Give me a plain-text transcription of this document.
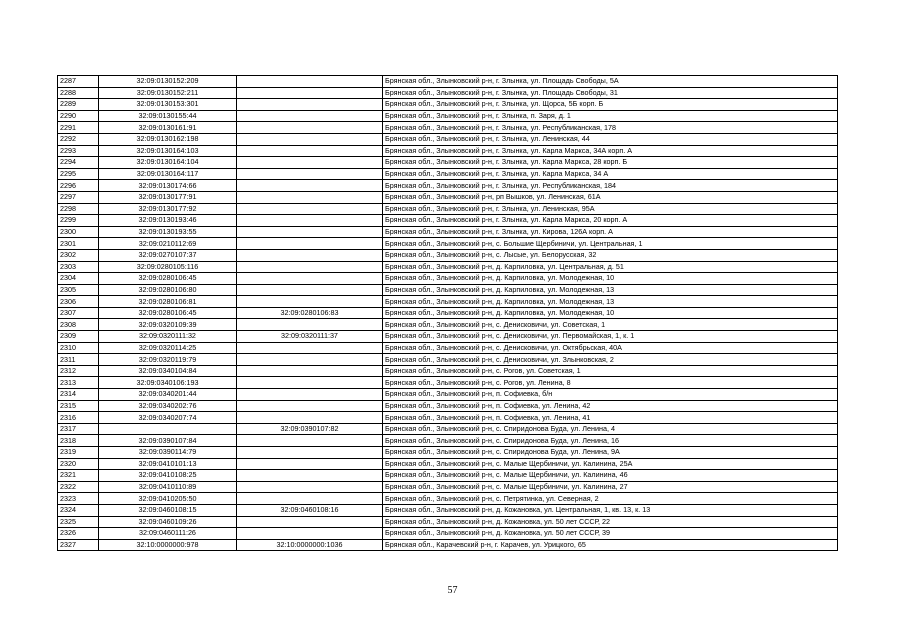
2287	32:09:0130152:209		Брянская обл., Злынковский р-н, г. Злынка, ул. Площадь Свободы, 5А
2288	32:09:0130152:211		Брянская обл., Злынковский р-н, г. Злынка, ул. Площадь Свободы, 31
2289	32:09:0130153:301		Брянская обл., Злынковский р-н, г. Злынка, ул. Щорса, 5Б корп. Б
2290	32:09:0130155:44		Брянская обл., Злынковский р-н, г. Злынка, п. Заря, д. 1
2291	32:09:0130161:91		Брянская обл., Злынковский р-н, г. Злынка, ул. Республиканская, 178
2292	32:09:0130162:198		Брянская обл., Злынковский р-н, г. Злынка, ул. Ленинская, 44
2293	32:09:0130164:103		Брянская обл., Злынковский р-н, г. Злынка, ул. Карла Маркса, 34А корп. А
2294	32:09:0130164:104		Брянская обл., Злынковский р-н, г. Злынка, ул. Карла Маркса, 28 корп. Б
2295	32:09:0130164:117		Брянская обл., Злынковский р-н, г. Злынка, ул. Карла Маркса, 34 А
2296	32:09:0130174:66		Брянская обл., Злынковский р-н, г. Злынка, ул. Республиканская, 184
2297	32:09:0130177:91		Брянская обл., Злынковский р-н, рп Вышков, ул. Ленинская, 61А
2298	32:09:0130177:92		Брянская обл., Злынковский р-н, г. Злынка, ул. Ленинская, 95А
2299	32:09:0130193:46		Брянская обл., Злынковский р-н, г. Злынка, ул. Карла Маркса, 20 корп. А
2300	32:09:0130193:55		Брянская обл., Злынковский р-н, г. Злынка, ул. Кирова, 126А корп. А
2301	32:09:0210112:69		Брянская обл., Злынковский р-н, с. Большие Щербиничи, ул. Центральная, 1
2302	32:09:0270107:37		Брянская обл., Злынковский р-н, с. Лысые, ул. Белорусская, 32
2303	32:09:0280105:116		Брянская обл., Злынковский р-н, д. Карпиловка, ул. Центральная, д. 51
2304	32:09:0280106:45		Брянская обл., Злынковский р-н, д. Карпиловка, ул. Молодежная, 10
2305	32:09:0280106:80		Брянская обл., Злынковский р-н, д. Карпиловка, ул. Молодежная, 13
2306	32:09:0280106:81		Брянская обл., Злынковский р-н, д. Карпиловка, ул. Молодежная, 13
2307	32:09:0280106:45	32:09:0280106:83	Брянская обл., Злынковский р-н, д. Карпиловка, ул. Молодежная, 10
2308	32:09:0320109:39		Брянская обл., Злынковский р-н, с. Денисковичи, ул. Советская, 1
2309	32:09:0320111:32	32:09:0320111:37	Брянская обл., Злынковский р-н, с. Денисковичи, ул. Первомайская, 1, к. 1
2310	32:09:0320114:25		Брянская обл., Злынковский р-н, с. Денисковичи, ул. Октябрьская, 40А
2311	32:09:0320119:79		Брянская обл., Злынковский р-н, с. Денисковичи, ул. Злынковская, 2
2312	32:09:0340104:84		Брянская обл., Злынковский р-н, с. Рогов, ул. Советская, 1
2313	32:09:0340106:193		Брянская обл., Злынковский р-н, с. Рогов, ул. Ленина, 8
2314	32:09:0340201:44		Брянская обл., Злынковский р-н, п. Софиевка, б/н
2315	32:09:0340202:76		Брянская обл., Злынковский р-н, п. Софиевка, ул. Ленина, 42
2316	32:09:0340207:74		Брянская обл., Злынковский р-н, п. Софиевка, ул. Ленина, 41
2317		32:09:0390107:82	Брянская обл., Злынковский р-н, с. Спиридонова Буда, ул. Ленина, 4
2318	32:09:0390107:84		Брянская обл., Злынковский р-н, с. Спиридонова Буда, ул. Ленина, 16
2319	32:09:0390114:79		Брянская обл., Злынковский р-н, с. Спиридонова Буда, ул. Ленина, 9А
2320	32:09:0410101:13		Брянская обл., Злынковский р-н, с. Малые Щербиничи, ул. Калинина, 25А
2321	32:09:0410108:25		Брянская обл., Злынковский р-н, с. Малые Щербиничи, ул. Калинина, 46
2322	32:09:0410110:89		Брянская обл., Злынковский р-н, с. Малые Щербиничи, ул. Калинина, 27
2323	32:09:0410205:50		Брянская обл., Злынковский р-н, с. Петрятинка, ул. Северная, 2
2324	32:09:0460108:15	32:09:0460108:16	Брянская обл., Злынковский р-н, д. Кожановка, ул. Центральная, 1, кв. 13, к. 13
2325	32:09:0460109:26		Брянская обл., Злынковский р-н, д. Кожановка, ул. 50 лет СССР, 22
2326	32:09:0460111:26		Брянская обл., Злынковский р-н, д. Кожановка, ул. 50 лет СССР, 39
2327	32:10:0000000:978	32:10:0000000:1036	Брянская обл., Карачевский р-н, г. Карачев, ул. Урицкого, 65
57
